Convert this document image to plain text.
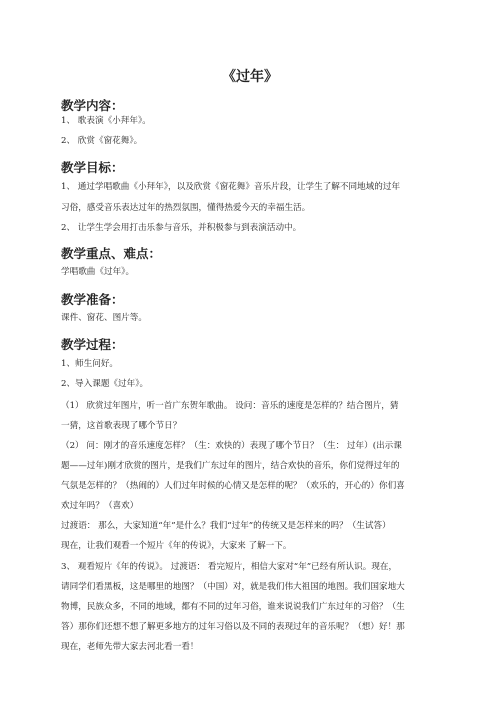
《过年》
教学内容：
1、 歌表演《小拜年》。
2、 欣赏《窗花舞》。
教学目标：
1、 通过学唱歌曲《小拜年》，以及欣赏《窗花舞》音乐片段，让学生了解不同地域的过年
习俗，感受音乐表达过年的热烈氛围，懂得热爱今天的幸福生活。
2、 让学生学会用打击乐参与音乐，并积极参与到表演活动中。
教学重点、难点：
学唱歌曲《过年》。
教学准备：
课件、窗花、图片等。
教学过程：
1、师生问好。
2、导入课题《过年》。
（1） 欣赏过年图片，听一首广东贺年歌曲。 设问：音乐的速度是怎样的？结合图片，猜
一猜，这首歌表现了哪个节日？
（2） 问：刚才的音乐速度怎样？（生：欢快的）表现了哪个节日？（生： 过年）(出示课
题——过年)刚才欣赏的图片，是我们广东过年的图片，结合欢快的音乐，你们觉得过年的
气氛是怎样的？（热闹的）人们过年时候的心情又是怎样的呢？（欢乐的，开心的）你们喜
欢过年吗？（喜欢）
过渡语： 那么，大家知道“年”是什么？我们“过年”的传统又是怎样来的吗？（生试答）
现在，让我们观看一个短片《年的传说》，大家来 了解一下。
3、 观看短片《年的传说》。 过渡语： 看完短片，相信大家对“年”已经有所认识。现在，
请同学们看黑板，这是哪里的地图？（中国）对，就是我们伟大祖国的地图。我们国家地大
物博，民族众多，不同的地域，都有不同的过年习俗，谁来说说我们广东过年的习俗？（生
答）那你们还想不想了解更多地方的过年习俗以及不同的表现过年的音乐呢？（想）好！那
现在，老师先带大家去河北看一看！
